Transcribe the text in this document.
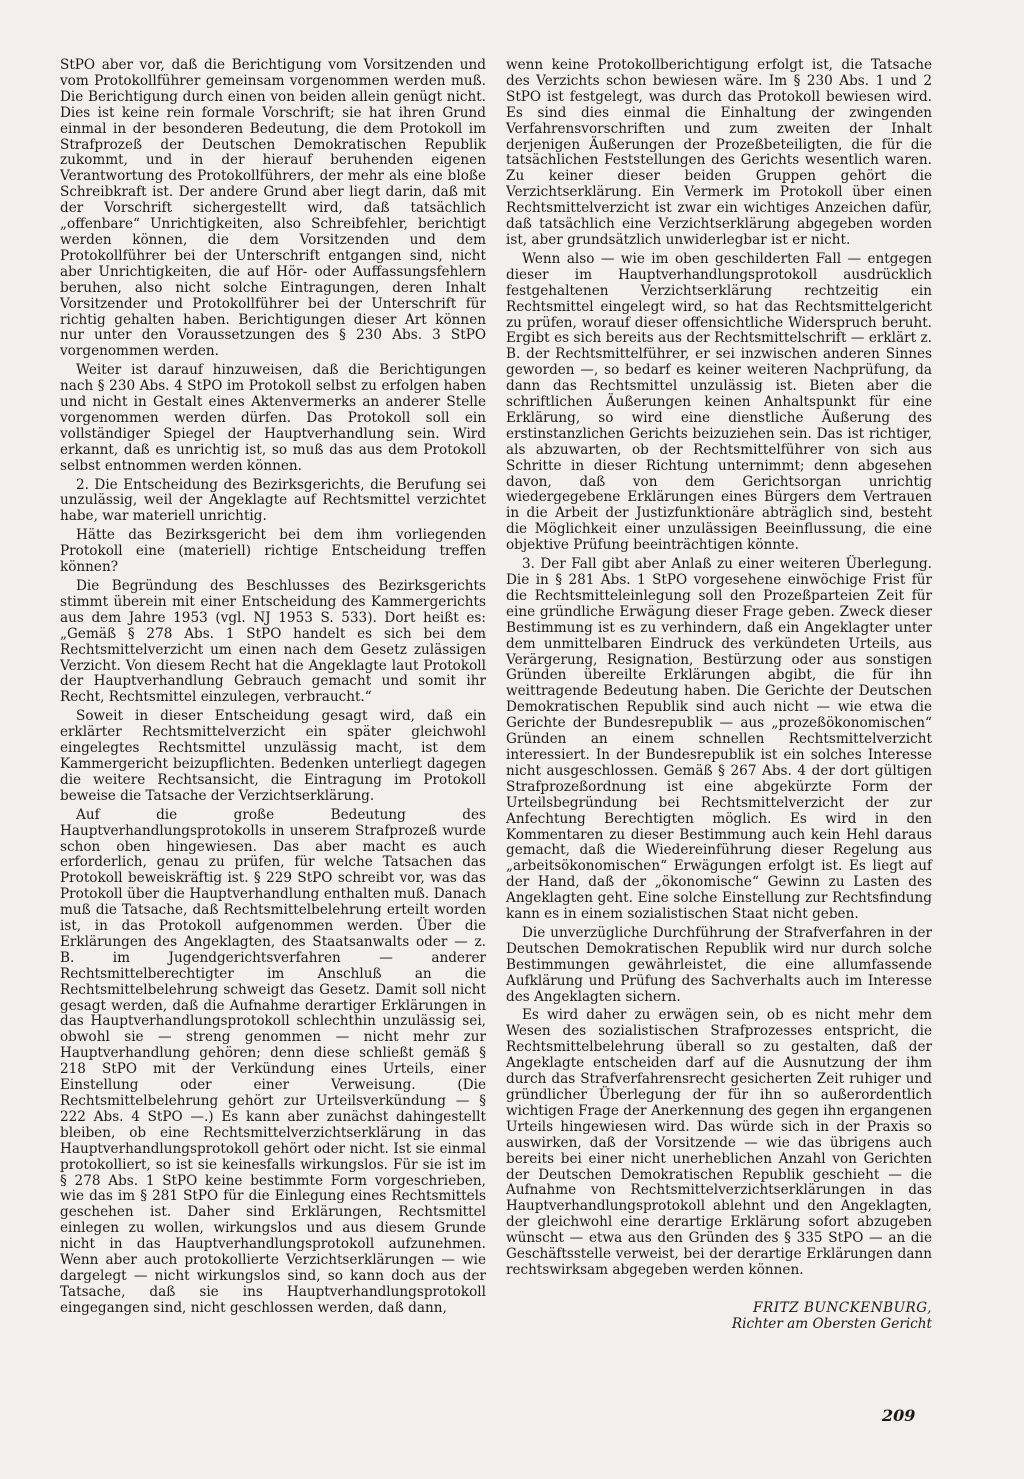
StPO aber vor, daß die Berichtigung vom Vorsitzenden und vom Protokollführer gemeinsam vorgenommen werden muß. Die Berichtigung durch einen von beiden allein genügt nicht. Dies ist keine rein formale Vorschrift; sie hat ihren Grund einmal in der besonderen Bedeutung, die dem Protokoll im Strafprozeß der Deutschen Demokratischen Republik zukommt, und in der hierauf beruhenden eigenen Verantwortung des Protokollführers, der mehr als eine bloße Schreibkraft ist. Der andere Grund aber liegt darin, daß mit der Vorschrift sichergestellt wird, daß tatsächlich „offenbare“ Unrichtigkeiten, also Schreibfehler, berichtigt werden können, die dem Vorsitzenden und dem Protokollführer bei der Unterschrift entgangen sind, nicht aber Unrichtigkeiten, die auf Hör- oder Auffassungsfehlern beruhen, also nicht solche Eintragungen, deren Inhalt Vorsitzender und Protokollführer bei der Unterschrift für richtig gehalten haben. Berichtigungen dieser Art können nur unter den Voraussetzungen des § 230 Abs. 3 StPO vorgenommen werden.

Weiter ist darauf hinzuweisen, daß die Berichtigungen nach § 230 Abs. 4 StPO im Protokoll selbst zu erfolgen haben und nicht in Gestalt eines Aktenvermerks an anderer Stelle vorgenommen werden dürfen. Das Protokoll soll ein vollständiger Spiegel der Hauptverhandlung sein. Wird erkannt, daß es unrichtig ist, so muß das aus dem Protokoll selbst entnommen werden können.

2. Die Entscheidung des Bezirksgerichts, die Berufung sei unzulässig, weil der Angeklagte auf Rechtsmittel verzichtet habe, war materiell unrichtig.

Hätte das Bezirksgericht bei dem ihm vorliegenden Protokoll eine (materiell) richtige Entscheidung treffen können?

Die Begründung des Beschlusses des Bezirksgerichts stimmt überein mit einer Entscheidung des Kammergerichts aus dem Jahre 1953 (vgl. NJ 1953 S. 533). Dort heißt es: „Gemäß § 278 Abs. 1 StPO handelt es sich bei dem Rechtsmittelverzicht um einen nach dem Gesetz zulässigen Verzicht. Von diesem Recht hat die Angeklagte laut Protokoll der Hauptverhandlung Gebrauch gemacht und somit ihr Recht, Rechtsmittel einzulegen, verbraucht.“

Soweit in dieser Entscheidung gesagt wird, daß ein erklärter Rechtsmittelverzicht ein später gleichwohl eingelegtes Rechtsmittel unzulässig macht, ist dem Kammergericht beizupflichten. Bedenken unterliegt dagegen die weitere Rechtsansicht, die Eintragung im Protokoll beweise die Tatsache der Verzichtserklärung.

Auf die große Bedeutung des Hauptverhandlungsprotokolls in unserem Strafprozeß wurde schon oben hingewiesen. Das aber macht es auch erforderlich, genau zu prüfen, für welche Tatsachen das Protokoll beweiskräftig ist. § 229 StPO schreibt vor, was das Protokoll über die Hauptverhandlung enthalten muß. Danach muß die Tatsache, daß Rechtsmittelbelehrung erteilt worden ist, in das Protokoll aufgenommen werden. Über die Erklärungen des Angeklagten, des Staatsanwalts oder — z. B. im Jugendgerichtsverfahren — anderer Rechtsmittelberechtigter im Anschluß an die Rechtsmittelbelehrung schweigt das Gesetz. Damit soll nicht gesagt werden, daß die Aufnahme derartiger Erklärungen in das Hauptverhandlungsprotokoll schlechthin unzulässig sei, obwohl sie — streng genommen — nicht mehr zur Hauptverhandlung gehören; denn diese schließt gemäß § 218 StPO mit der Verkündung eines Urteils, einer Einstellung oder einer Verweisung. (Die Rechtsmittelbelehrung gehört zur Urteilsverkündung — § 222 Abs. 4 StPO —.) Es kann aber zunächst dahingestellt bleiben, ob eine Rechtsmittelverzichtserklärung in das Hauptverhandlungsprotokoll gehört oder nicht. Ist sie einmal protokolliert, so ist sie keinesfalls wirkungslos. Für sie ist im § 278 Abs. 1 StPO keine bestimmte Form vorgeschrieben, wie das im § 281 StPO für die Einlegung eines Rechtsmittels geschehen ist. Daher sind Erklärungen, Rechtsmittel einlegen zu wollen, wirkungslos und aus diesem Grunde nicht in das Hauptverhandlungsprotokoll aufzunehmen. Wenn aber auch protokollierte Verzichtserklärungen — wie dargelegt — nicht wirkungslos sind, so kann doch aus der Tatsache, daß sie ins Hauptverhandlungsprotokoll eingegangen sind, nicht geschlossen werden, daß dann,

wenn keine Protokollberichtigung erfolgt ist, die Tatsache des Verzichts schon bewiesen wäre. Im § 230 Abs. 1 und 2 StPO ist festgelegt, was durch das Protokoll bewiesen wird. Es sind dies einmal die Einhaltung der zwingenden Verfahrensvorschriften und zum zweiten der Inhalt derjenigen Äußerungen der Prozeßbeteiligten, die für die tatsächlichen Feststellungen des Gerichts wesentlich waren. Zu keiner dieser beiden Gruppen gehört die Verzichtserklärung. Ein Vermerk im Protokoll über einen Rechtsmittelverzicht ist zwar ein wichtiges Anzeichen dafür, daß tatsächlich eine Verzichtserklärung abgegeben worden ist, aber grundsätzlich unwiderlegbar ist er nicht.

Wenn also — wie im oben geschilderten Fall — entgegen dieser im Hauptverhandlungsprotokoll ausdrücklich festgehaltenen Verzichtserklärung rechtzeitig ein Rechtsmittel eingelegt wird, so hat das Rechtsmittelgericht zu prüfen, worauf dieser offensichtliche Widerspruch beruht. Ergibt es sich bereits aus der Rechtsmittelschrift — erklärt z. B. der Rechtsmittelführer, er sei inzwischen anderen Sinnes geworden —, so bedarf es keiner weiteren Nachprüfung, da dann das Rechtsmittel unzulässig ist. Bieten aber die schriftlichen Äußerungen keinen Anhaltspunkt für eine Erklärung, so wird eine dienstliche Äußerung des erstinstanzlichen Gerichts beizuziehen sein. Das ist richtiger, als abzuwarten, ob der Rechtsmittelführer von sich aus Schritte in dieser Richtung unternimmt; denn abgesehen davon, daß von dem Gerichtsorgan unrichtig wiedergegebene Erklärungen eines Bürgers dem Vertrauen in die Arbeit der Justizfunktionäre abträglich sind, besteht die Möglichkeit einer unzulässigen Beeinflussung, die eine objektive Prüfung beeinträchtigen könnte.

3. Der Fall gibt aber Anlaß zu einer weiteren Überlegung. Die in § 281 Abs. 1 StPO vorgesehene einwöchige Frist für die Rechtsmitteleinlegung soll den Prozeßparteien Zeit für eine gründliche Erwägung dieser Frage geben. Zweck dieser Bestimmung ist es zu verhindern, daß ein Angeklagter unter dem unmittelbaren Eindruck des verkündeten Urteils, aus Verärgerung, Resignation, Bestürzung oder aus sonstigen Gründen übereilte Erklärungen abgibt, die für ihn weittragende Bedeutung haben. Die Gerichte der Deutschen Demokratischen Republik sind auch nicht — wie etwa die Gerichte der Bundesrepublik — aus „prozeßökonomischen“ Gründen an einem schnellen Rechtsmittelverzicht interessiert. In der Bundesrepublik ist ein solches Interesse nicht ausgeschlossen. Gemäß § 267 Abs. 4 der dort gültigen Strafprozeßordnung ist eine abgekürzte Form der Urteilsbegründung bei Rechtsmittelverzicht der zur Anfechtung Berechtigten möglich. Es wird in den Kommentaren zu dieser Bestimmung auch kein Hehl daraus gemacht, daß die Wiedereinführung dieser Regelung aus „arbeitsökonomischen“ Erwägungen erfolgt ist. Es liegt auf der Hand, daß der „ökonomische“ Gewinn zu Lasten des Angeklagten geht. Eine solche Einstellung zur Rechtsfindung kann es in einem sozialistischen Staat nicht geben.

Die unverzügliche Durchführung der Strafverfahren in der Deutschen Demokratischen Republik wird nur durch solche Bestimmungen gewährleistet, die eine allumfassende Aufklärung und Prüfung des Sachverhalts auch im Interesse des Angeklagten sichern.

Es wird daher zu erwägen sein, ob es nicht mehr dem Wesen des sozialistischen Strafprozesses entspricht, die Rechtsmittelbelehrung überall so zu gestalten, daß der Angeklagte entscheiden darf auf die Ausnutzung der ihm durch das Strafverfahrensrecht gesicherten Zeit ruhiger und gründlicher Überlegung der für ihn so außerordentlich wichtigen Frage der Anerkennung des gegen ihn ergangenen Urteils hingewiesen wird. Das würde sich in der Praxis so auswirken, daß der Vorsitzende — wie das übrigens auch bereits bei einer nicht unerheblichen Anzahl von Gerichten der Deutschen Demokratischen Republik geschieht — die Aufnahme von Rechtsmittelverzichtserklärungen in das Hauptverhandlungsprotokoll ablehnt und den Angeklagten, der gleichwohl eine derartige Erklärung sofort abzugeben wünscht — etwa aus den Gründen des § 335 StPO — an die Geschäftsstelle verweist, bei der derartige Erklärungen dann rechtswirksam abgegeben werden können.

FRITZ BUNCKENBURG,
Richter am Obersten Gericht
209
